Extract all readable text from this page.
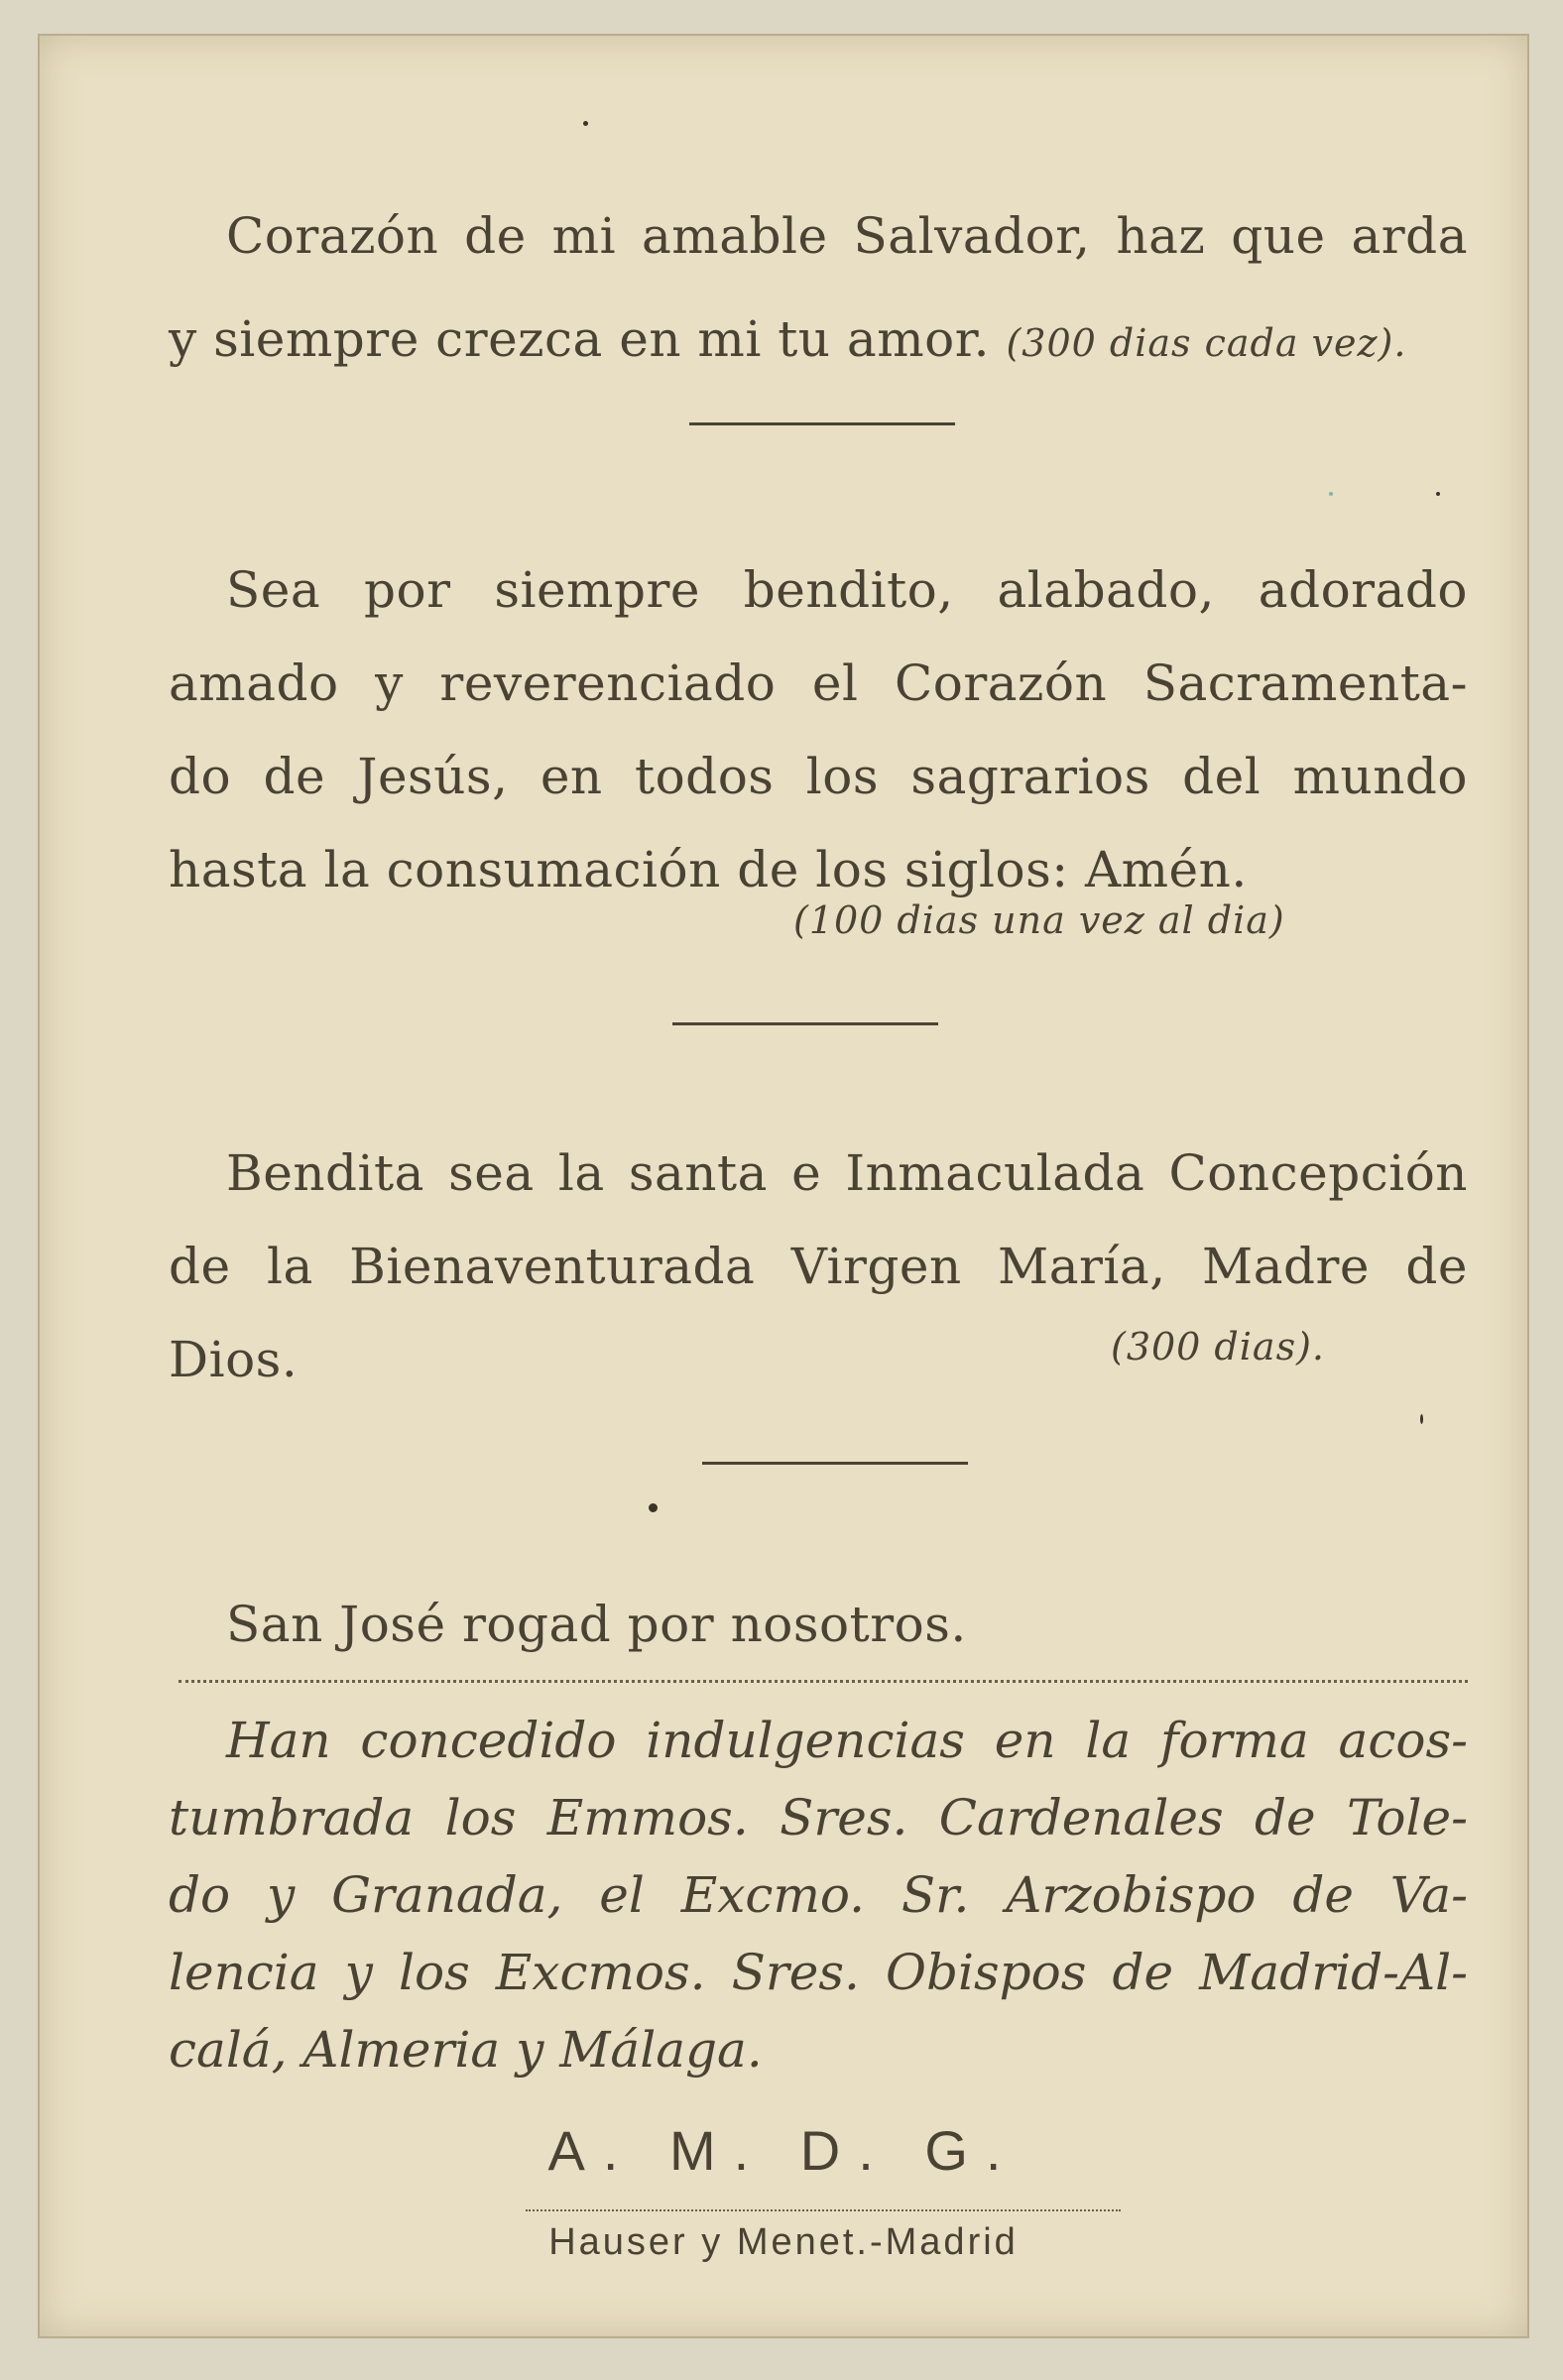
Corazón de mi amable Salvador, haz que arda
y siempre crezca en mi tu amor. (300 dias cada vez).
Sea por siempre bendito, alabado, adorado
amado y reverenciado el Corazón Sacramenta-
do de Jesús, en todos los sagrarios del mundo
hasta la consumación de los siglos: Amén.
(100 dias una vez al dia)
Bendita sea la santa e Inmaculada Concepción
de la Bienaventurada Virgen María, Madre de
Dios.	(300 dias).
San José rogad por nosotros.
Han concedido indulgencias en la forma acos-
tumbrada los Emmos. Sres. Cardenales de Tole-
do y Granada, el Excmo. Sr. Arzobispo de Va-
lencia y los Excmos. Sres. Obispos de Madrid-Al-
calá, Almeria y Málaga.
A. M. D. G.
Hauser y Menet.-Madrid
